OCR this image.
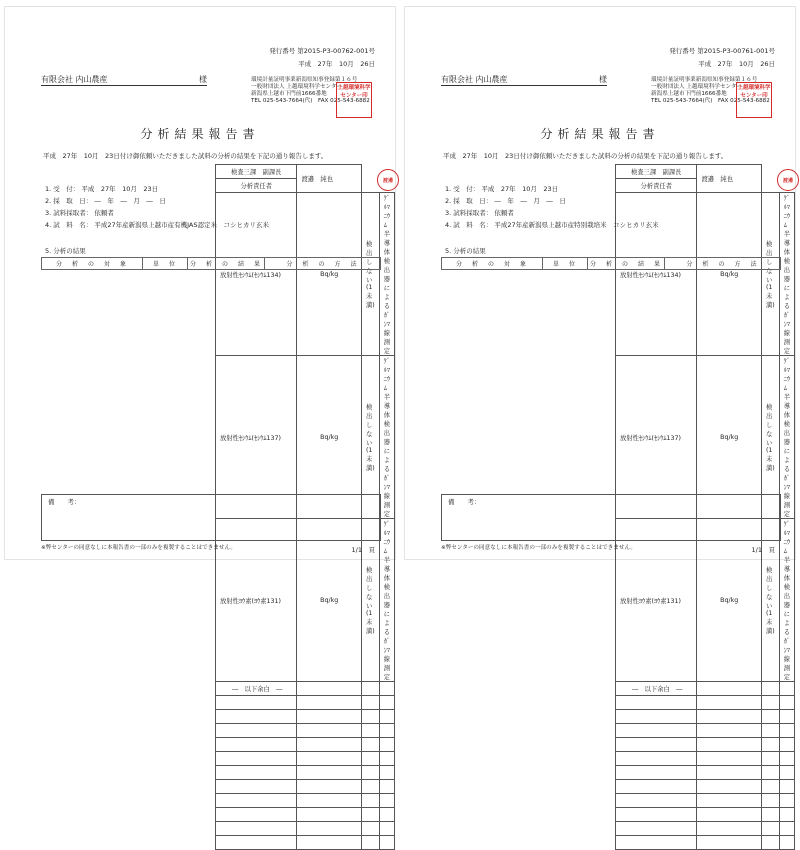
発行番号 第2015-P3-00762-001号
平成　27年　10月　26日
有限会社 内山農産	様	環境計量証明事業新潟県知事登録第１６号
一般財団法人 上越環境科学センター
新潟県上越市下門前1666番地
TEL 025-543-7664(代)　FAX 025-543-6882
上越環境科学センター印
分析結果報告書
平成　27年　10月　23日付け御依頼いただきました試料の分析の結果を下記の通り報告します。
検査三課　副課長	渡邉　純也		
分析責任者			
放射性ｾｼｳﾑ(ｾｼｳﾑ134)	Bq/kg	検出しない(1未満)	ｹﾞﾙﾏﾆｳﾑ半導体検出器によるｶﾞﾝﾏ線測定
放射性ｾｼｳﾑ(ｾｼｳﾑ137)	Bq/kg	検出しない(1未満)	ｹﾞﾙﾏﾆｳﾑ半導体検出器によるｶﾞﾝﾏ線測定
放射性ﾖｳ素(ﾖｳ素131)	Bq/kg	検出しない(1未満)	ｹﾞﾙﾏﾆｳﾑ半導体検出器によるｶﾞﾝﾏ線測定
―　以下余白　―			

渡邉
1. 受　付： 平成　27年　10月　23日
2. 採　取　日： ―　年　―　月　―　日
3. 試料採取者： 依頼者
4. 試　料　名： 平成27年産新潟県上越市産有機JAS認定米　コシヒカリ玄米
5. 分析の結果
分　析　の　対　象	単　位	分　析　の　結　果	分　析　の　方　法
備　　考：
※弊センターの同意なしに本報告書の一部のみを複製することはできません。	1/1　頁
発行番号 第2015-P3-00761-001号
平成　27年　10月　26日
有限会社 内山農産	様	環境計量証明事業新潟県知事登録第１６号
一般財団法人 上越環境科学センター
新潟県上越市下門前1666番地
TEL 025-543-7664(代)　FAX 025-543-6882
上越環境科学センター印
分析結果報告書
平成　27年　10月　23日付け御依頼いただきました試料の分析の結果を下記の通り報告します。
検査三課　副課長	渡邉　純也		
分析責任者			
放射性ｾｼｳﾑ(ｾｼｳﾑ134)	Bq/kg	検出しない(1未満)	ｹﾞﾙﾏﾆｳﾑ半導体検出器によるｶﾞﾝﾏ線測定
放射性ｾｼｳﾑ(ｾｼｳﾑ137)	Bq/kg	検出しない(1未満)	ｹﾞﾙﾏﾆｳﾑ半導体検出器によるｶﾞﾝﾏ線測定
放射性ﾖｳ素(ﾖｳ素131)	Bq/kg	検出しない(1未満)	ｹﾞﾙﾏﾆｳﾑ半導体検出器によるｶﾞﾝﾏ線測定
―　以下余白　―			

渡邉
1. 受　付： 平成　27年　10月　23日
2. 採　取　日： ―　年　―　月　―　日
3. 試料採取者： 依頼者
4. 試　料　名： 平成27年産新潟県上越市産特別栽培米　コシヒカリ玄米
5. 分析の結果
分　析　の　対　象	単　位	分　析　の　結　果	分　析　の　方　法
備　　考：
※弊センターの同意なしに本報告書の一部のみを複製することはできません。	1/1　頁
